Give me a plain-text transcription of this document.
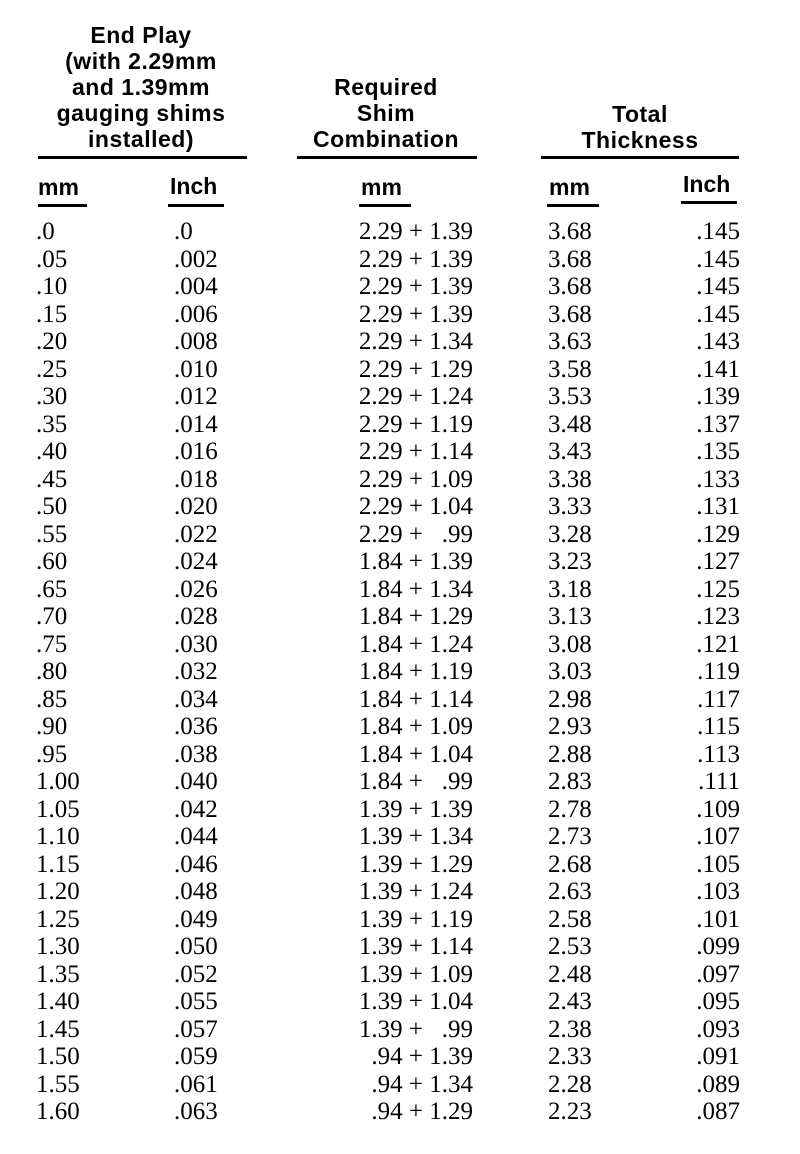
End Play
(with 2.29mm
and 1.39mm
gauging shims
installed)
Required
Shim
Combination
Total
Thickness
mm	Inch	mm	mm	Inch
.0	.0	2.29 + 1.39	3.68	.145
.05	.002	2.29 + 1.39	3.68	.145
.10	.004	2.29 + 1.39	3.68	.145
.15	.006	2.29 + 1.39	3.68	.145
.20	.008	2.29 + 1.34	3.63	.143
.25	.010	2.29 + 1.29	3.58	.141
.30	.012	2.29 + 1.24	3.53	.139
.35	.014	2.29 + 1.19	3.48	.137
.40	.016	2.29 + 1.14	3.43	.135
.45	.018	2.29 + 1.09	3.38	.133
.50	.020	2.29 + 1.04	3.33	.131
.55	.022	2.29 +   .99	3.28	.129
.60	.024	1.84 + 1.39	3.23	.127
.65	.026	1.84 + 1.34	3.18	.125
.70	.028	1.84 + 1.29	3.13	.123
.75	.030	1.84 + 1.24	3.08	.121
.80	.032	1.84 + 1.19	3.03	.119
.85	.034	1.84 + 1.14	2.98	.117
.90	.036	1.84 + 1.09	2.93	.115
.95	.038	1.84 + 1.04	2.88	.113
1.00	.040	1.84 +   .99	2.83	.111
1.05	.042	1.39 + 1.39	2.78	.109
1.10	.044	1.39 + 1.34	2.73	.107
1.15	.046	1.39 + 1.29	2.68	.105
1.20	.048	1.39 + 1.24	2.63	.103
1.25	.049	1.39 + 1.19	2.58	.101
1.30	.050	1.39 + 1.14	2.53	.099
1.35	.052	1.39 + 1.09	2.48	.097
1.40	.055	1.39 + 1.04	2.43	.095
1.45	.057	1.39 +   .99	2.38	.093
1.50	.059	.94 + 1.39	2.33	.091
1.55	.061	.94 + 1.34	2.28	.089
1.60	.063	.94 + 1.29	2.23	.087
